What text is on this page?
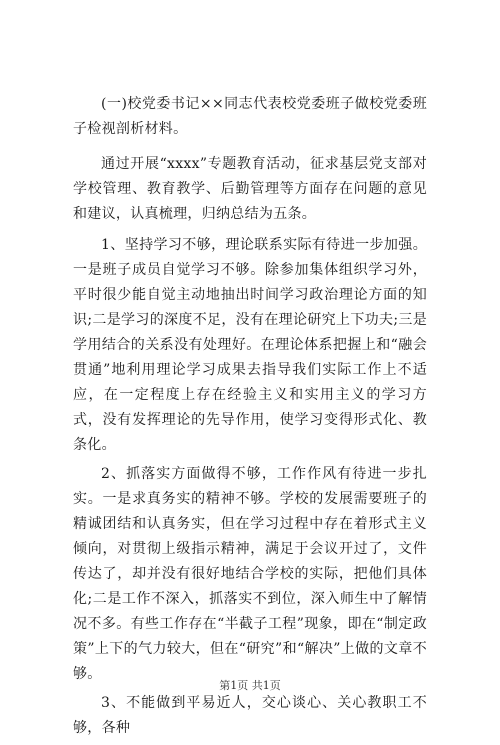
(一)校党委书记××同志代表校党委班子做校党委班子检视剖析材料。

通过开展“xxxx”专题教育活动，征求基层党支部对学校管理、教育教学、后勤管理等方面存在问题的意见和建议，认真梳理，归纳总结为五条。

1、坚持学习不够，理论联系实际有待进一步加强。一是班子成员自觉学习不够。除参加集体组织学习外，平时很少能自觉主动地抽出时间学习政治理论方面的知识;二是学习的深度不足，没有在理论研究上下功夫;三是学用结合的关系没有处理好。在理论体系把握上和“融会贯通”地利用理论学习成果去指导我们实际工作上不适应，在一定程度上存在经验主义和实用主义的学习方式，没有发挥理论的先导作用，使学习变得形式化、教条化。

2、抓落实方面做得不够，工作作风有待进一步扎实。一是求真务实的精神不够。学校的发展需要班子的精诚团结和认真务实，但在学习过程中存在着形式主义倾向，对贯彻上级指示精神，满足于会议开过了，文件传达了，却并没有很好地结合学校的实际，把他们具体化;二是工作不深入，抓落实不到位，深入师生中了解情况不多。有些工作存在“半截子工程”现象，即在“制定政策”上下的气力较大，但在“研究”和“解决”上做的文章不够。

3、不能做到平易近人，交心谈心、关心教职工不够，各种

第1页 共1页
